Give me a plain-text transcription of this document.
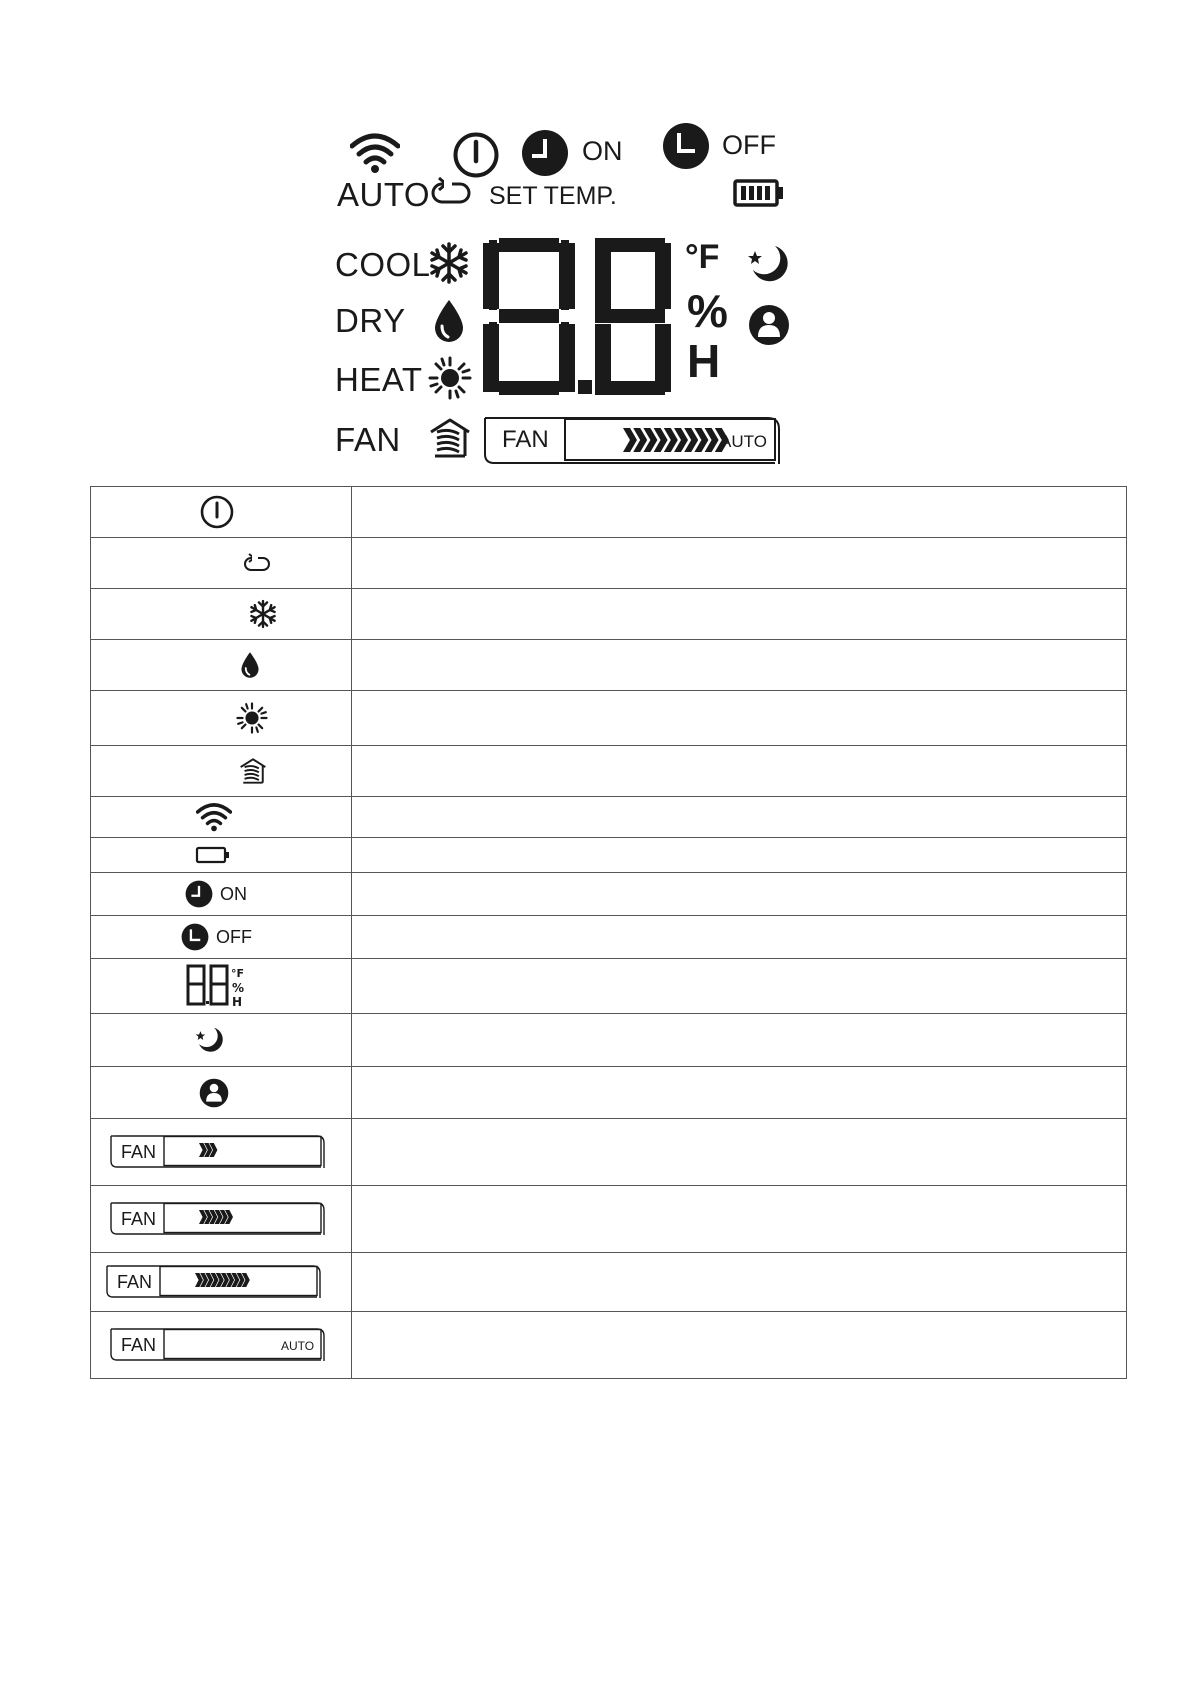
ON	OFF
AUTO SET TEMP.
COOL	°F
%
H
DRY
HEAT
FAN	FAN	AUTO

ON	

OFF	

°F
%
H	

FAN	

FAN	

FAN	

FAN AUTO	
